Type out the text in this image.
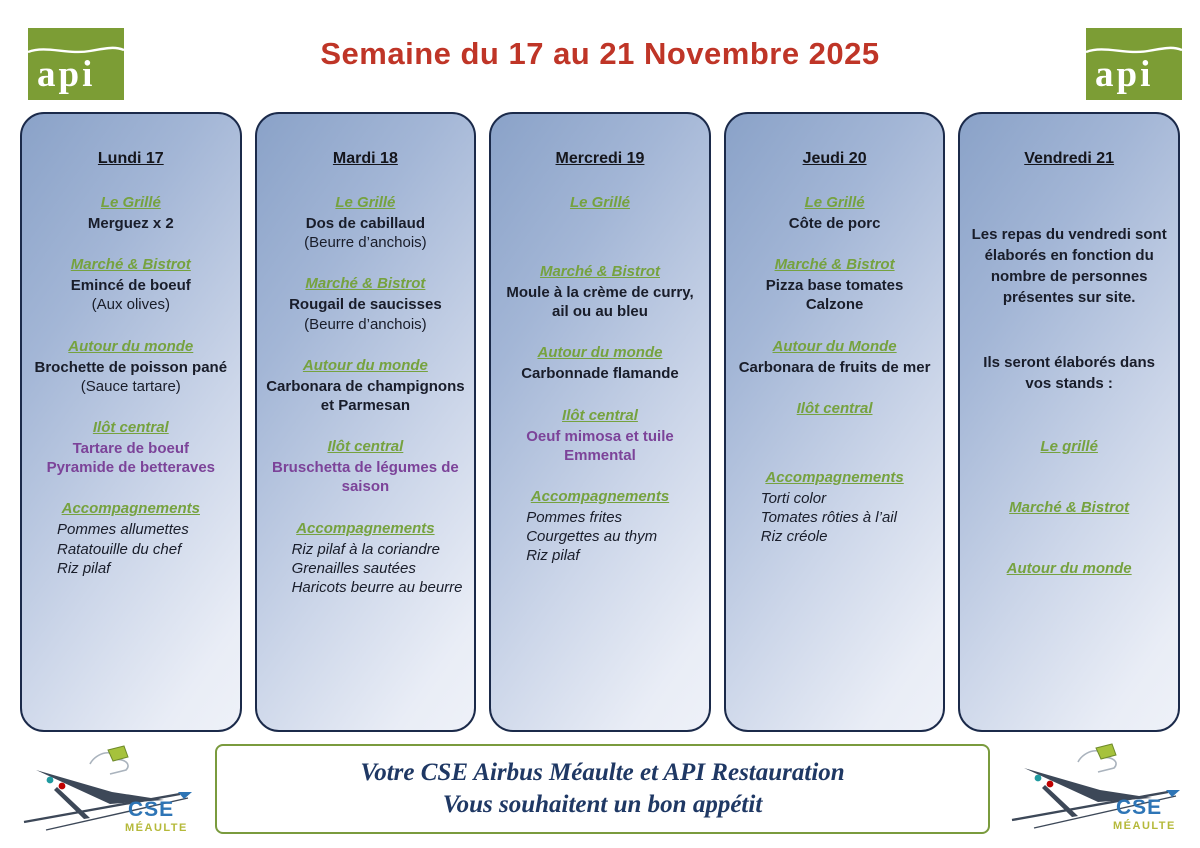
api
Semaine du 17 au 21 Novembre 2025
api
Lundi 17
Le Grillé
Merguez x 2
Marché & Bistrot
Emincé de boeuf
(Aux olives)
Autour du monde
Brochette de poisson pané
(Sauce tartare)
Ilôt central
Tartare de boeuf
Pyramide de betteraves
Accompagnements
Pommes allumettes
Ratatouille du chef
Riz pilaf
Mardi 18
Le Grillé
Dos de cabillaud
(Beurre d’anchois)
Marché & Bistrot
Rougail de saucisses
(Beurre d’anchois)
Autour du monde
Carbonara de champignons et Parmesan
Ilôt central
Bruschetta de légumes de saison
Accompagnements
Riz pilaf à la coriandre
Grenailles sautées
Haricots beurre au beurre
Mercredi 19
Le Grillé
Marché & Bistrot
Moule à la crème de curry, ail ou au bleu
Autour du monde
Carbonnade flamande
Ilôt central
Oeuf mimosa et tuile Emmental
Accompagnements
Pommes frites
Courgettes au thym
Riz pilaf
Jeudi 20
Le Grillé
Côte de porc
Marché & Bistrot
Pizza base tomates
Calzone
Autour du Monde
Carbonara de fruits de mer
Ilôt central
Accompagnements
Torti color
Tomates rôties à l’ail
Riz créole
Vendredi 21
Les repas du vendredi sont élaborés en fonction du nombre de personnes présentes sur site.
Ils seront élaborés dans vos stands :
Le grillé
Marché & Bistrot
Autour du monde
Votre CSE Airbus Méaulte et API Restauration
Vous souhaitent un bon appétit
CSE
MÉAULTE
CSE
MÉAULTE
